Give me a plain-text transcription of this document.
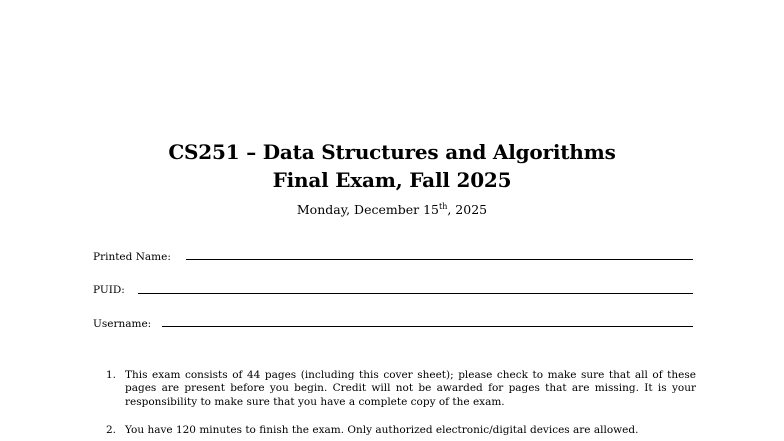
CS251 – Data Structures and Algorithms
Final Exam, Fall 2025
Monday, December 15th, 2025
Printed Name:
PUID:
Username:
1. This exam consists of 44 pages (including this cover sheet); please check to make sure that all of these pages are present before you begin. Credit will not be awarded for pages that are missing. It is your responsibility to make sure that you have a complete copy of the exam.
2. You have 120 minutes to finish the exam. Only authorized electronic/digital devices are allowed.
